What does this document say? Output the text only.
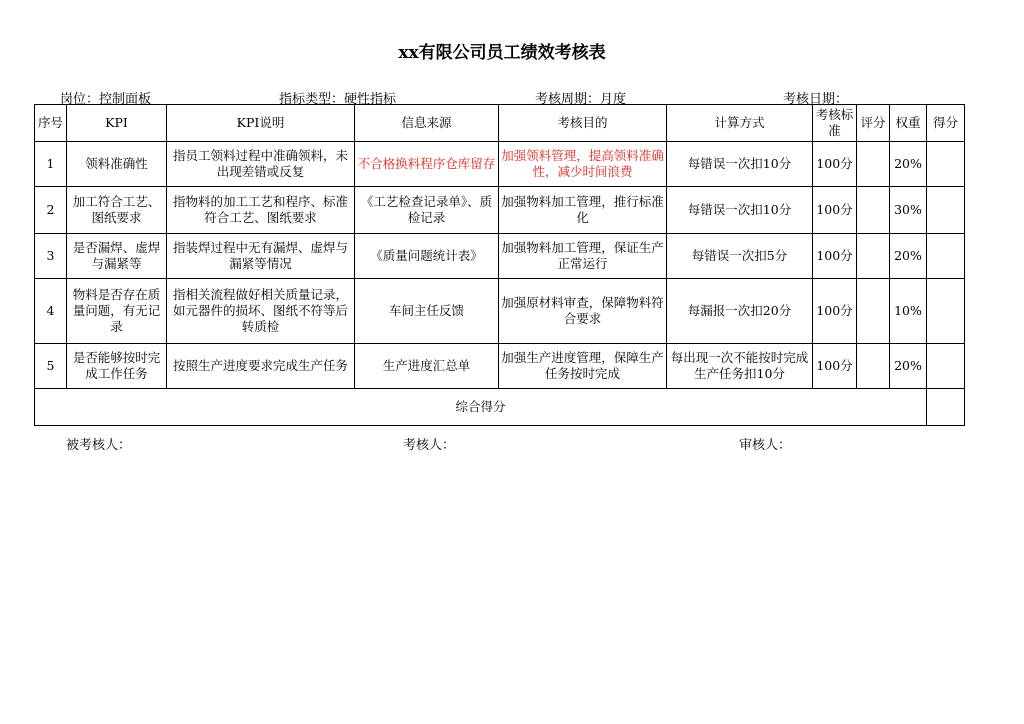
xx有限公司员工绩效考核表
岗位：控制面板	指标类型：硬性指标	考核周期：月度	考核日期：
序号	KPI	KPI说明	信息来源	考核目的	计算方式	考核标准	评分	权重	得分
1	领料准确性	指员工领料过程中准确领料，未出现差错或反复	不合格换料程序仓库留存	加强领料管理，提高领料准确性，减少时间浪费	每错误一次扣10分	100分		20%	
2	加工符合工艺、图纸要求	指物料的加工工艺和程序、标准符合工艺、图纸要求	《工艺检查记录单》、质检记录	加强物料加工管理，推行标准化	每错误一次扣10分	100分		30%	
3	是否漏焊、虚焊与漏紧等	指装焊过程中无有漏焊、虚焊与漏紧等情况	《质量问题统计表》	加强物料加工管理，保证生产正常运行	每错误一次扣5分	100分		20%	
4	物料是否存在质量问题，有无记录	指相关流程做好相关质量记录，如元器件的损坏、图纸不符等后转质检	车间主任反馈	加强原材料审查，保障物料符合要求	每漏报一次扣20分	100分		10%	
5	是否能够按时完成工作任务	按照生产进度要求完成生产任务	生产进度汇总单	加强生产进度管理，保障生产任务按时完成	每出现一次不能按时完成生产任务扣10分	100分		20%	
综合得分									
被考核人：	考核人：	审核人：
